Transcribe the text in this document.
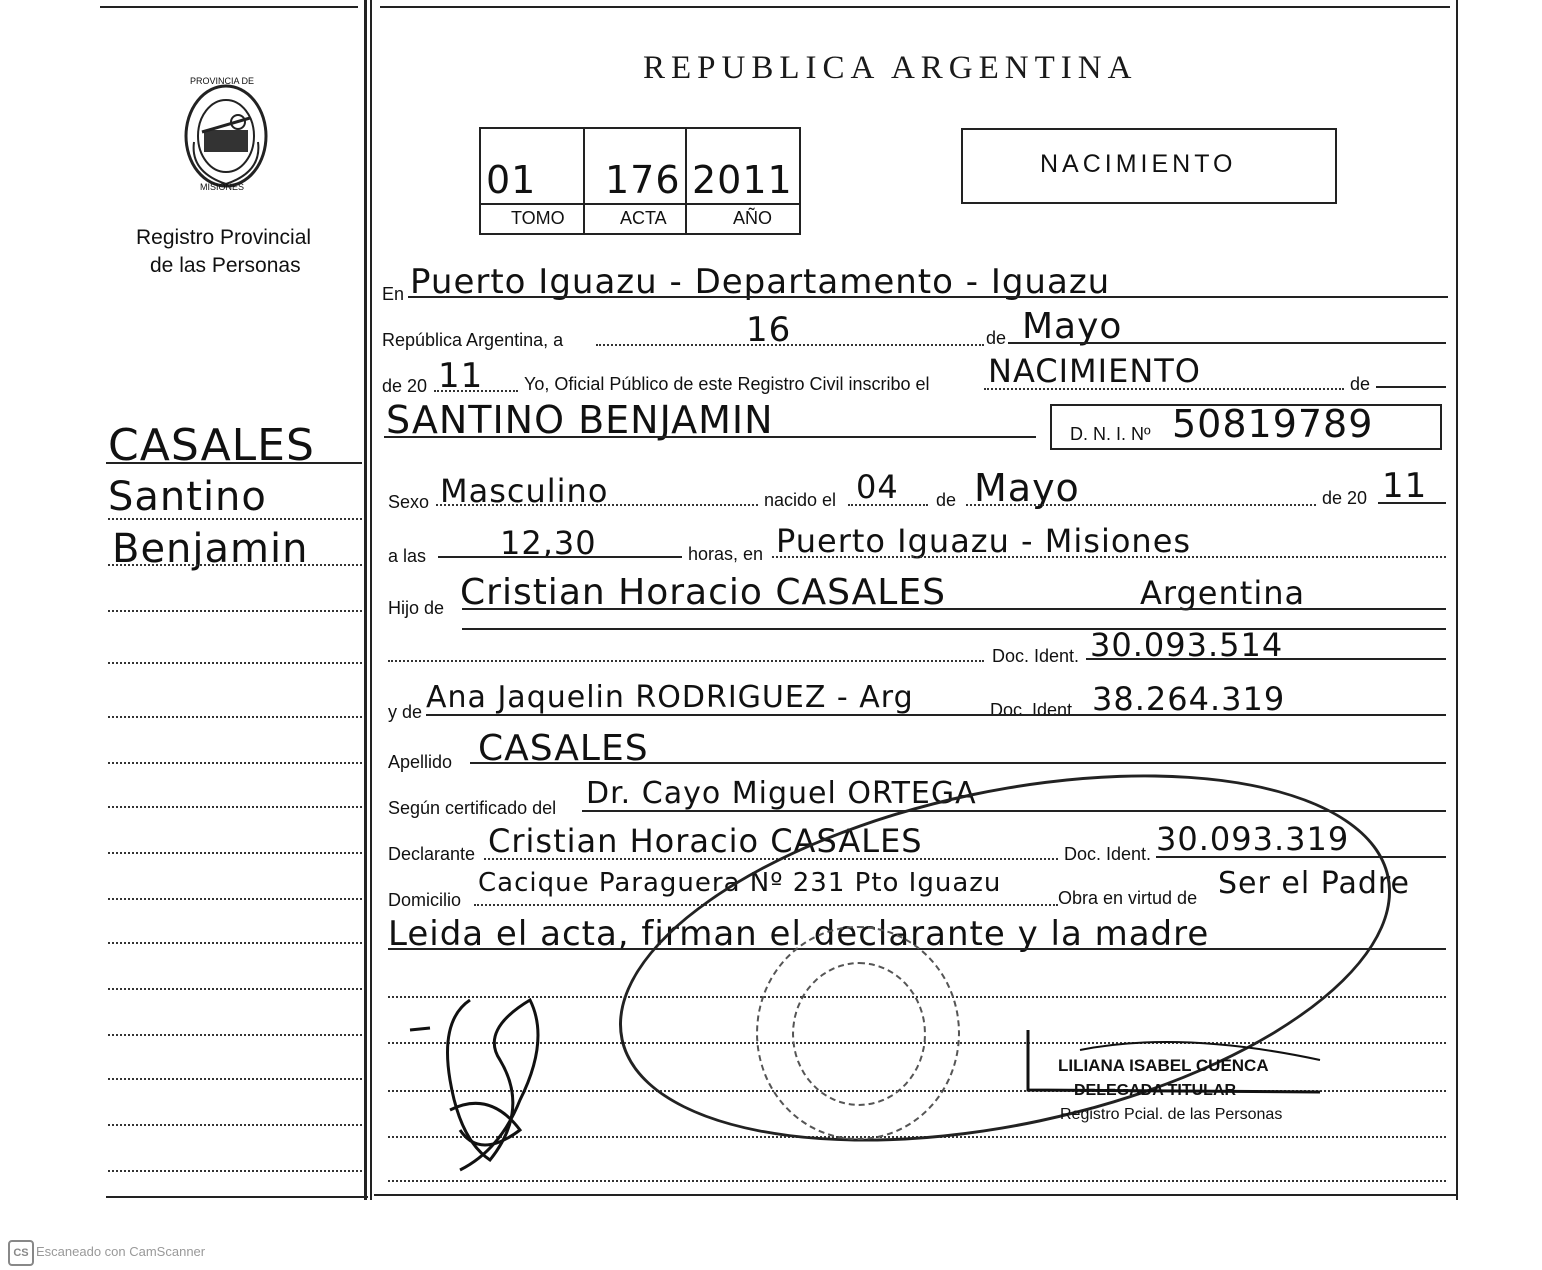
PROVINCIA DE
MISIONES
Registro Provincial
de las Personas
REPUBLICA ARGENTINA
01 176 2011
TOMO	ACTA	AÑO
NACIMIENTO
CASALES
Santino
Benjamin
En Puerto Iguazu - Departamento - Iguazu
República Argentina, a	16	de Mayo
de 20 11 Yo, Oficial Público de este Registro Civil inscribo el NACIMIENTO	de
SANTINO BENJAMIN	D. N. I. Nº 50819789
Sexo Masculino	nacido el 04 de Mayo	de 20 11
a las 12,30	horas, en Puerto Iguazu - Misiones
Hijo de Cristian Horacio CASALES	Argentina
Doc. Ident. 30.093.514
y de Ana Jaquelin RODRIGUEZ - Arg	Doc. Ident. 38.264.319
Apellido CASALES
Según certificado del Dr. Cayo Miguel ORTEGA
Declarante Cristian Horacio CASALES	Doc. Ident. 30.093.319
Domicilio
Cacique Paraguera Nº 231 Pto Iguazu	Obra en virtud de Ser el Padre
Leida el acta, firman el declarante y la madre
LILIANA ISABEL CUENCA
DELEGADA TITULAR
Registro Pcial. de las Personas
CS Escaneado con CamScanner
